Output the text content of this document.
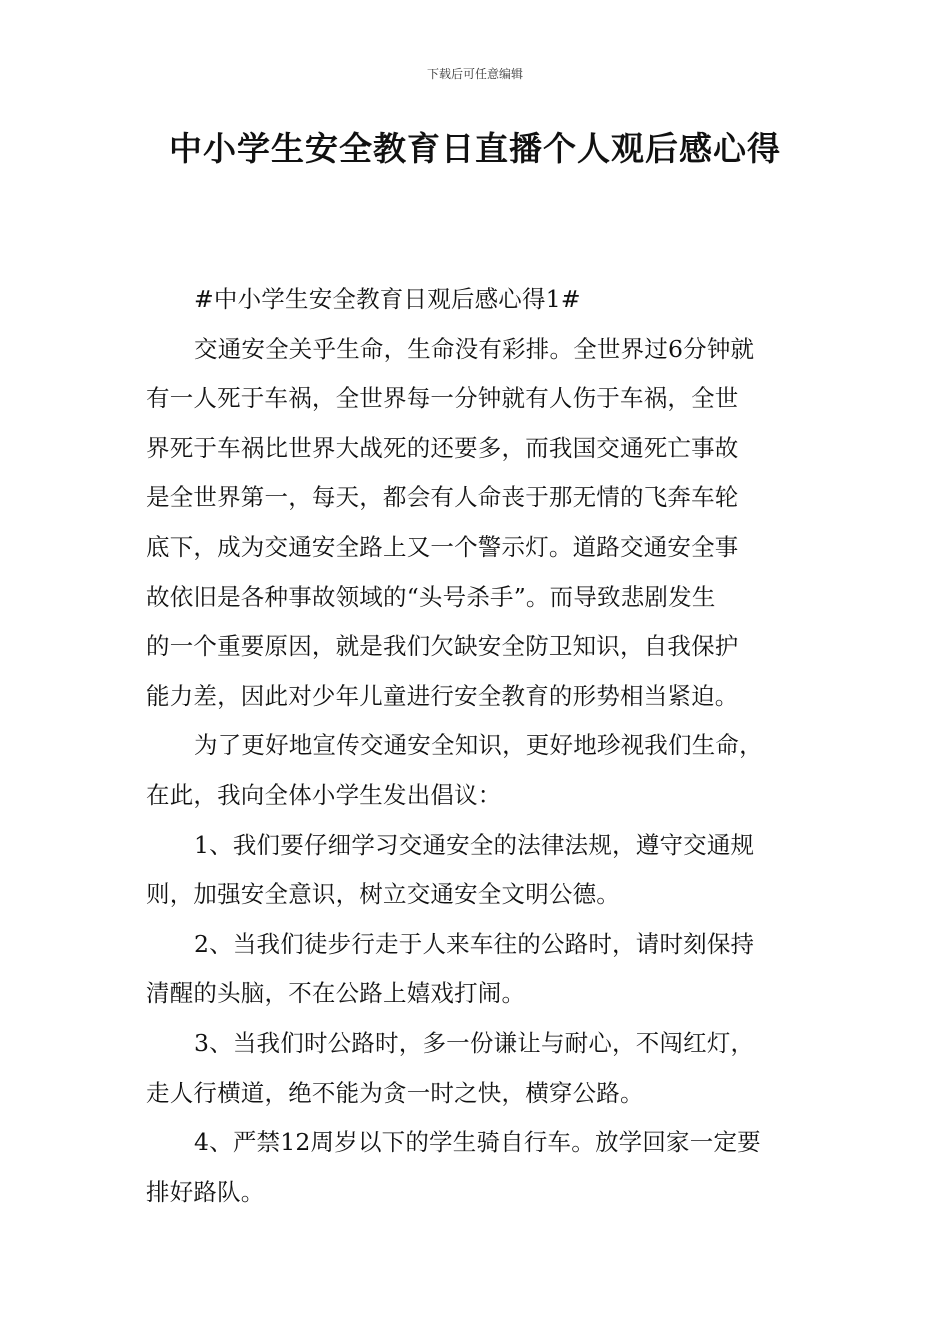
下载后可任意编辑
中小学生安全教育日直播个人观后感心得

#中小学生安全教育日观后感心得1#

交通安全关乎生命，生命没有彩排。全世界过6分钟就
有一人死于车祸，全世界每一分钟就有人伤于车祸，全世
界死于车祸比世界大战死的还要多，而我国交通死亡事故
是全世界第一，每天，都会有人命丧于那无情的飞奔车轮
底下，成为交通安全路上又一个警示灯。道路交通安全事
故依旧是各种事故领域的“头号杀手”。而导致悲剧发生
的一个重要原因，就是我们欠缺安全防卫知识，自我保护
能力差，因此对少年儿童进行安全教育的形势相当紧迫。

为了更好地宣传交通安全知识，更好地珍视我们生命，
在此，我向全体小学生发出倡议：

1、我们要仔细学习交通安全的法律法规，遵守交通规
则，加强安全意识，树立交通安全文明公德。

2、当我们徒步行走于人来车往的公路时，请时刻保持
清醒的头脑，不在公路上嬉戏打闹。

3、当我们时公路时，多一份谦让与耐心，不闯红灯，
走人行横道，绝不能为贪一时之快，横穿公路。

4、严禁12周岁以下的学生骑自行车。放学回家一定要
排好路队。
